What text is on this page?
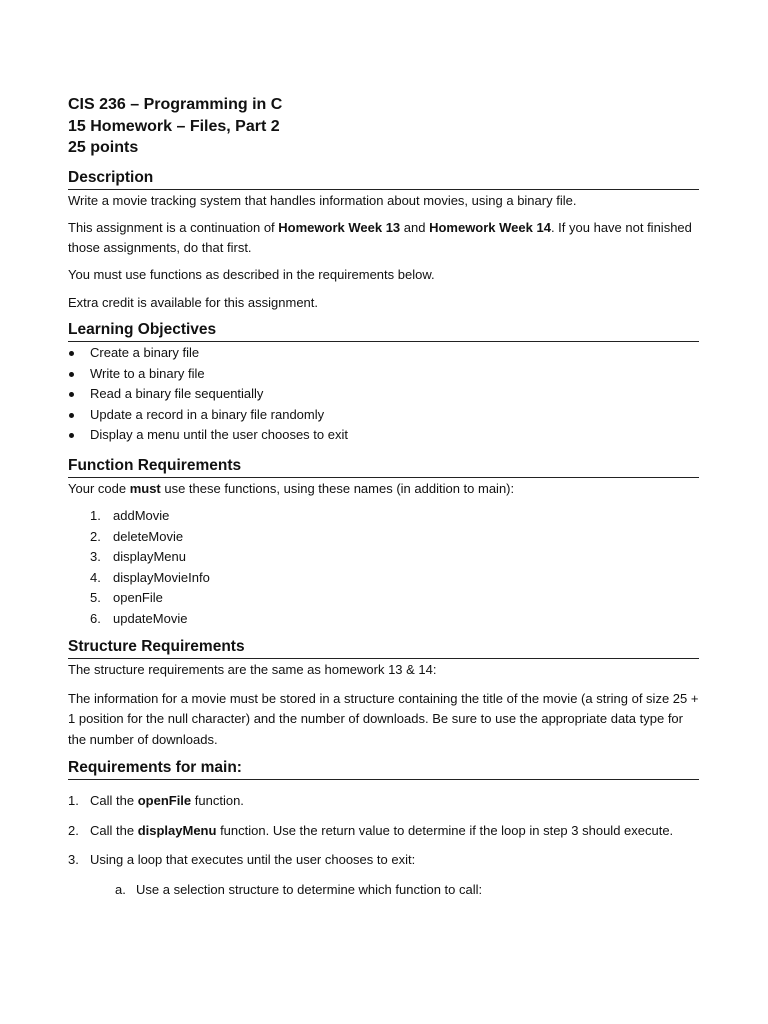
CIS 236 – Programming in C

15 Homework – Files, Part 2

25 points

Description

Write a movie tracking system that handles information about movies, using a binary file.

This assignment is a continuation of Homework Week 13 and Homework Week 14. If you have not finished those assignments, do that first.

You must use functions as described in the requirements below.

Extra credit is available for this assignment.

Learning Objectives
Create a binary file
Write to a binary file
Read a binary file sequentially
Update a record in a binary file randomly
Display a menu until the user chooses to exit
Function Requirements

Your code must use these functions, using these names (in addition to main):

1. addMovie
2. deleteMovie
3. displayMenu
4. displayMovieInfo
5. openFile
6. updateMovie
Structure Requirements

The structure requirements are the same as homework 13 & 14:

The information for a movie must be stored in a structure containing the title of the movie (a string of size 25 + 1 position for the null character) and the number of downloads. Be sure to use the appropriate data type for the number of downloads.

Requirements for main:
1. Call the openFile function.
2. Call the displayMenu function. Use the return value to determine if the loop in step 3 should execute.
3. Using a loop that executes until the user chooses to exit:
a. Use a selection structure to determine which function to call:
